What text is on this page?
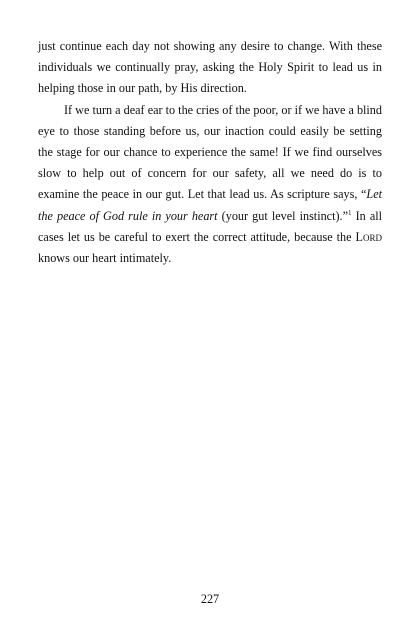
just continue each day not showing any desire to change. With these individuals we continually pray, asking the Holy Spirit to lead us in helping those in our path, by His direction.

If we turn a deaf ear to the cries of the poor, or if we have a blind eye to those standing before us, our inaction could easily be setting the stage for our chance to experience the same! If we find ourselves slow to help out of concern for our safety, all we need do is to examine the peace in our gut. Let that lead us. As scripture says, “Let the peace of God rule in your heart (your gut level instinct).”$^1$ In all cases let us be careful to exert the correct attitude, because the Lord knows our heart intimately.

227
